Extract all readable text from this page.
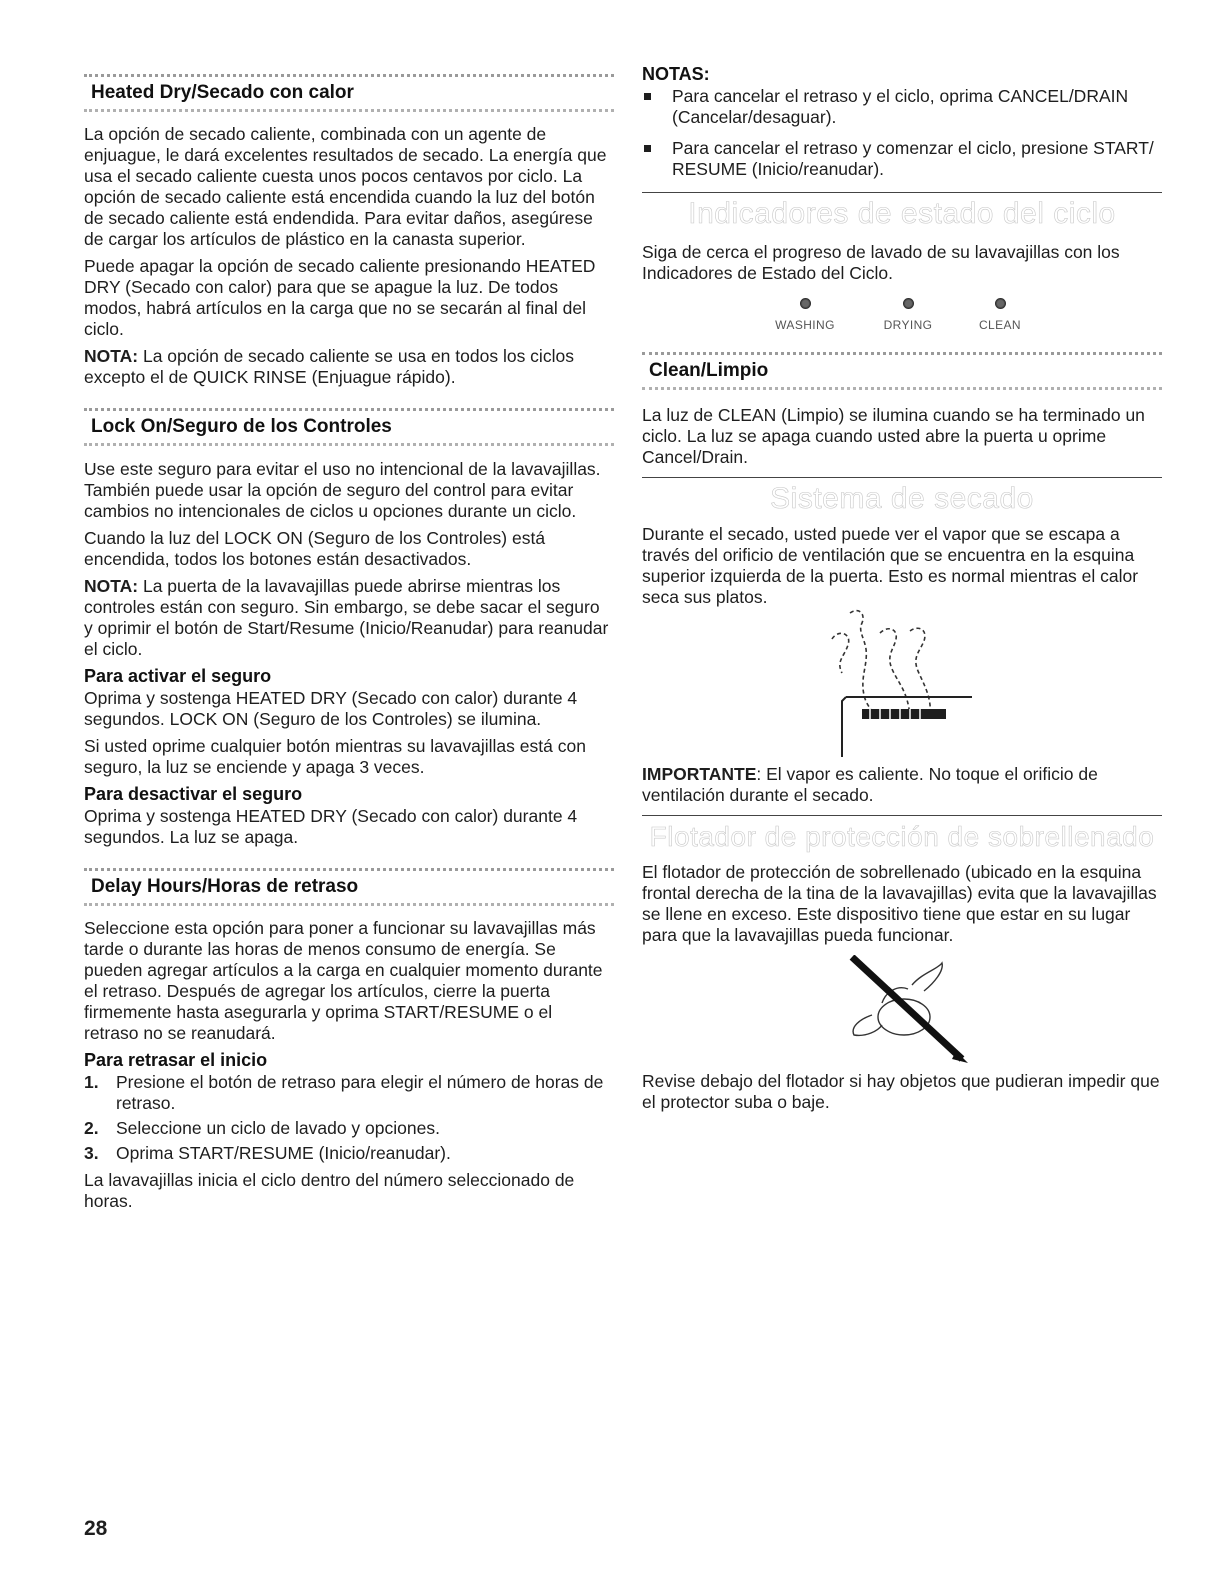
Heated Dry/Secado con calor

La opción de secado caliente, combinada con un agente de enjuague, le dará excelentes resultados de secado. La energía que usa el secado caliente cuesta unos pocos centavos por ciclo. La opción de secado caliente está encendida cuando la luz del botón de secado caliente está endendida. Para evitar daños, asegúrese de cargar los artículos de plástico en la canasta superior.

Puede apagar la opción de secado caliente presionando HEATED DRY (Secado con calor) para que se apague la luz. De todos modos, habrá artículos en la carga que no se secarán al final del ciclo.

NOTA: La opción de secado caliente se usa en todos los ciclos excepto el de QUICK RINSE (Enjuague rápido).

Lock On/Seguro de los Controles

Use este seguro para evitar el uso no intencional de la lavavajillas. También puede usar la opción de seguro del control para evitar cambios no intencionales de ciclos u opciones durante un ciclo.

Cuando la luz del LOCK ON (Seguro de los Controles) está encendida, todos los botones están desactivados.

NOTA: La puerta de la lavavajillas puede abrirse mientras los controles están con seguro. Sin embargo, se debe sacar el seguro y oprimir el botón de Start/Resume (Inicio/Reanudar) para reanudar el ciclo.

Para activar el seguro

Oprima y sostenga HEATED DRY (Secado con calor) durante 4 segundos. LOCK ON (Seguro de los Controles) se ilumina.

Si usted oprime cualquier botón mientras su lavavajillas está con seguro, la luz se enciende y apaga 3 veces.

Para desactivar el seguro

Oprima y sostenga HEATED DRY (Secado con calor) durante 4 segundos. La luz se apaga.

Delay Hours/Horas de retraso

Seleccione esta opción para poner a funcionar su lavavajillas más tarde o durante las horas de menos consumo de energía. Se pueden agregar artículos a la carga en cualquier momento durante el retraso. Después de agregar los artículos, cierre la puerta firmemente hasta asegurarla y oprima START/RESUME o el retraso no se reanudará.

Para retrasar el inicio
1. Presione el botón de retraso para elegir el número de horas de retraso.
2. Seleccione un ciclo de lavado y opciones.
3. Oprima START/RESUME (Inicio/reanudar).

La lavavajillas inicia el ciclo dentro del número seleccionado de horas.

NOTAS:
Para cancelar el retraso y el ciclo, oprima CANCEL/DRAIN (Cancelar/desaguar).
Para cancelar el retraso y comenzar el ciclo, presione START/ RESUME (Inicio/reanudar).
Indicadores de estado del ciclo

Siga de cerca el progreso de lavado de su lavavajillas con los Indicadores de Estado del Ciclo.

WASHING	DRYING	CLEAN
Clean/Limpio

La luz de CLEAN (Limpio) se ilumina cuando se ha terminado un ciclo. La luz se apaga cuando usted abre la puerta u oprime Cancel/Drain.

Sistema de secado

Durante el secado, usted puede ver el vapor que se escapa a través del orificio de ventilación que se encuentra en la esquina superior izquierda de la puerta. Esto es normal mientras el calor seca sus platos.

IMPORTANTE: El vapor es caliente. No toque el orificio de ventilación durante el secado.

Flotador de protección de sobrellenado

El flotador de protección de sobrellenado (ubicado en la esquina frontal derecha de la tina de la lavavajillas) evita que la lavavajillas se llene en exceso. Este dispositivo tiene que estar en su lugar para que la lavavajillas pueda funcionar.

Revise debajo del flotador si hay objetos que pudieran impedir que el protector suba o baje.

28
